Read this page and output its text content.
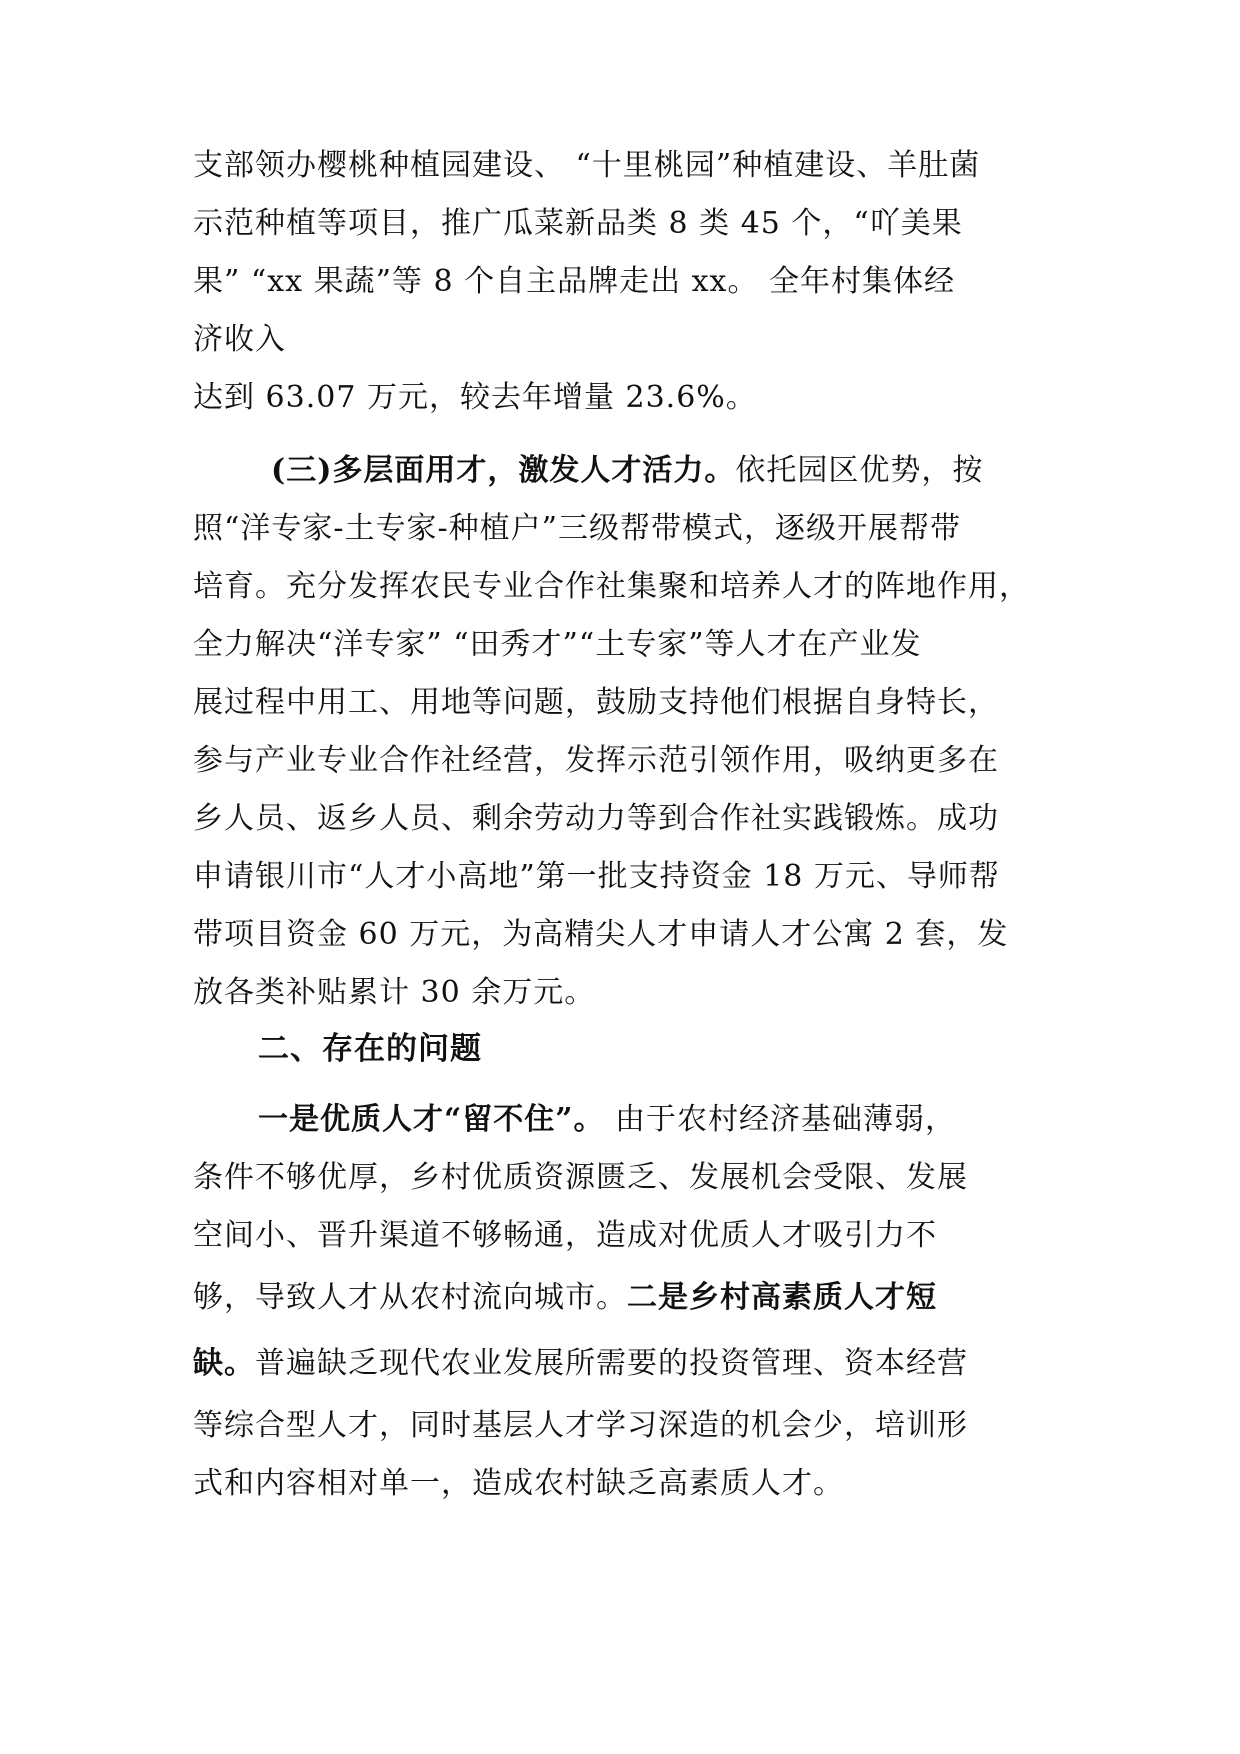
支部领办樱桃种植园建设、 “十里桃园”种植建设、羊肚菌
示范种植等项目，推广瓜菜新品类 8 类 45 个，“吖美果
果” “xx 果蔬”等 8 个自主品牌走出 xx。 全年村集体经
济收入
达到 63.07 万元，较去年增量 23.6%。
(三)多层面用才，激发人才活力。依托园区优势，按
照“洋专家-土专家-种植户”三级帮带模式，逐级开展帮带
培育。充分发挥农民专业合作社集聚和培养人才的阵地作用，
全力解决“洋专家” “田秀才”“土专家”等人才在产业发
展过程中用工、用地等问题，鼓励支持他们根据自身特长，
参与产业专业合作社经营，发挥示范引领作用，吸纳更多在
乡人员、返乡人员、剩余劳动力等到合作社实践锻炼。成功
申请银川市“人才小高地”第一批支持资金 18 万元、导师帮
带项目资金 60 万元，为高精尖人才申请人才公寓 2 套，发
放各类补贴累计 30 余万元。
二、存在的问题
一是优质人才“留不住”。 由于农村经济基础薄弱，
条件不够优厚，乡村优质资源匮乏、发展机会受限、发展
空间小、晋升渠道不够畅通，造成对优质人才吸引力不
够，导致人才从农村流向城市。二是乡村高素质人才短
缺。普遍缺乏现代农业发展所需要的投资管理、资本经营
等综合型人才，同时基层人才学习深造的机会少，培训形
式和内容相对单一，造成农村缺乏高素质人才。
